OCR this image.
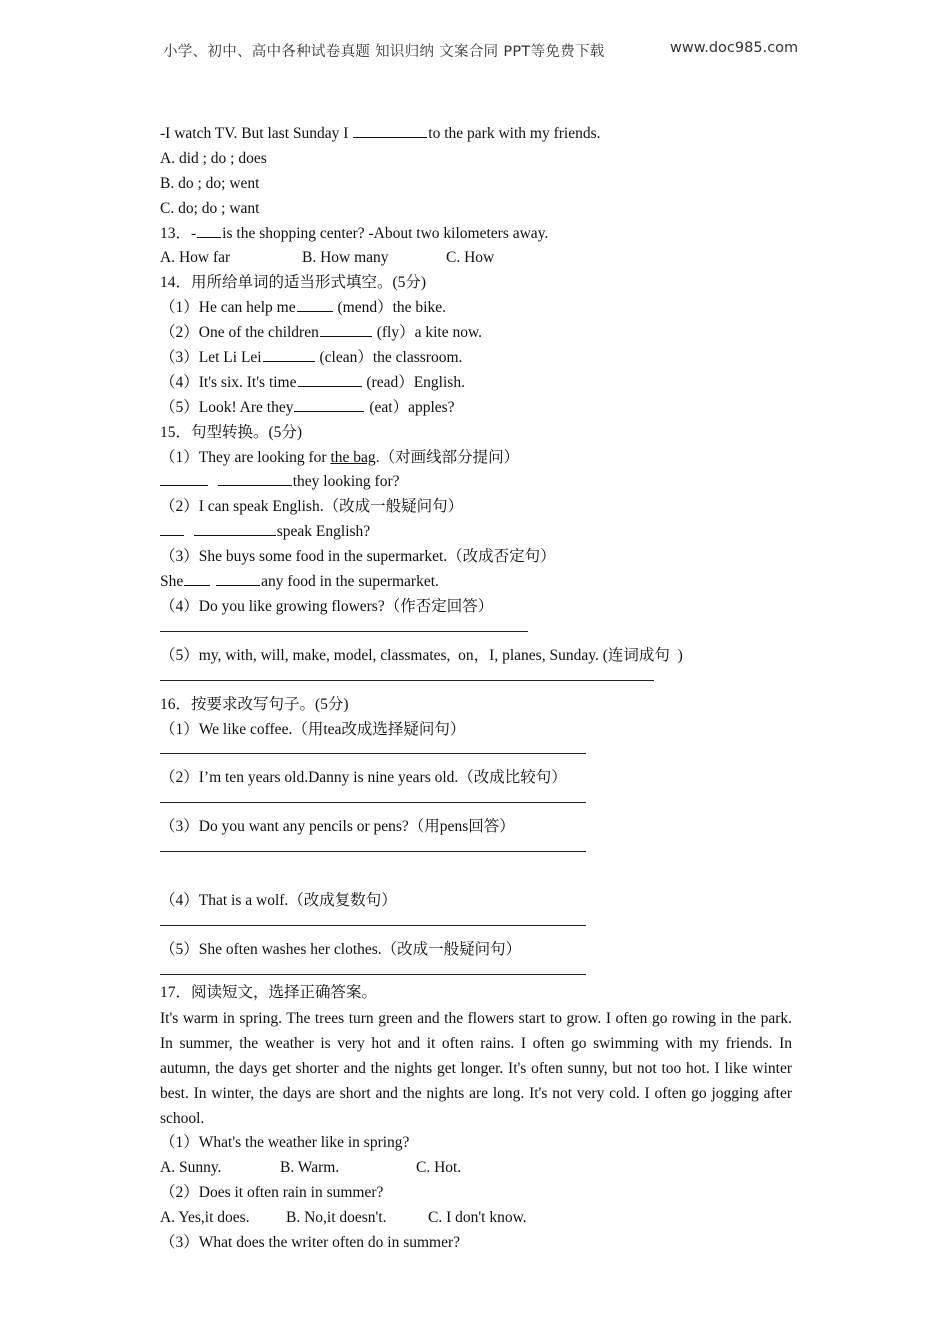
小学、初中、高中各种试卷真题 知识归纳 文案合同 PPT等免费下载	www.doc985.com
-I watch TV. But last Sunday I	to the park with my friends.
A. did ; do ; does
B. do ; do; went
C. do; do ; want
13．- is the shopping center? -About two kilometers away.
A. How far	B. How many	C. How
14．用所给单词的适当形式填空。(5分)
（1）He can help me (mend）the bike.
（2）One of the children	(fly）a kite now.
（3）Let Li Lei	(clean）the classroom.
（4）It's six. It's time	(read）English.
（5）Look! Are they	(eat）apples?
15．句型转换。(5分)
（1）They are looking for the bag.（对画线部分提问）
they looking for?
（2）I can speak English.（改成一般疑问句）
speak English?
（3）She buys some food in the supermarket.（改成否定句）
She	any food in the supermarket.
（4）Do you like growing flowers?（作否定回答）
（5）my, with, will, make, model, classmates,  on，I, planes, Sunday. (连词成句  )
16．按要求改写句子。(5分)
（1）We like coffee.（用tea改成选择疑问句）
（2）I’m ten years old.Danny is nine years old.（改成比较句）
（3）Do you want any pencils or pens?（用pens回答）
（4）That is a wolf.（改成复数句）
（5）She often washes her clothes.（改成一般疑问句）
17．阅读短文，选择正确答案。
It's warm in spring. The trees turn green and the flowers start to grow. I often go rowing in the park. In summer, the weather is very hot and it often rains. I often go swimming with my friends. In autumn, the days get shorter and the nights get longer. It's often sunny, but not too hot. I like winter best. In winter, the days are short and the nights are long. It's not very cold. I often go jogging after school.
（1）What's the weather like in spring?
A. Sunny.	B. Warm.	C. Hot.
（2）Does it often rain in summer?
A. Yes,it does. B. No,it doesn't.	C. I don't know.
（3）What does the writer often do in summer?
